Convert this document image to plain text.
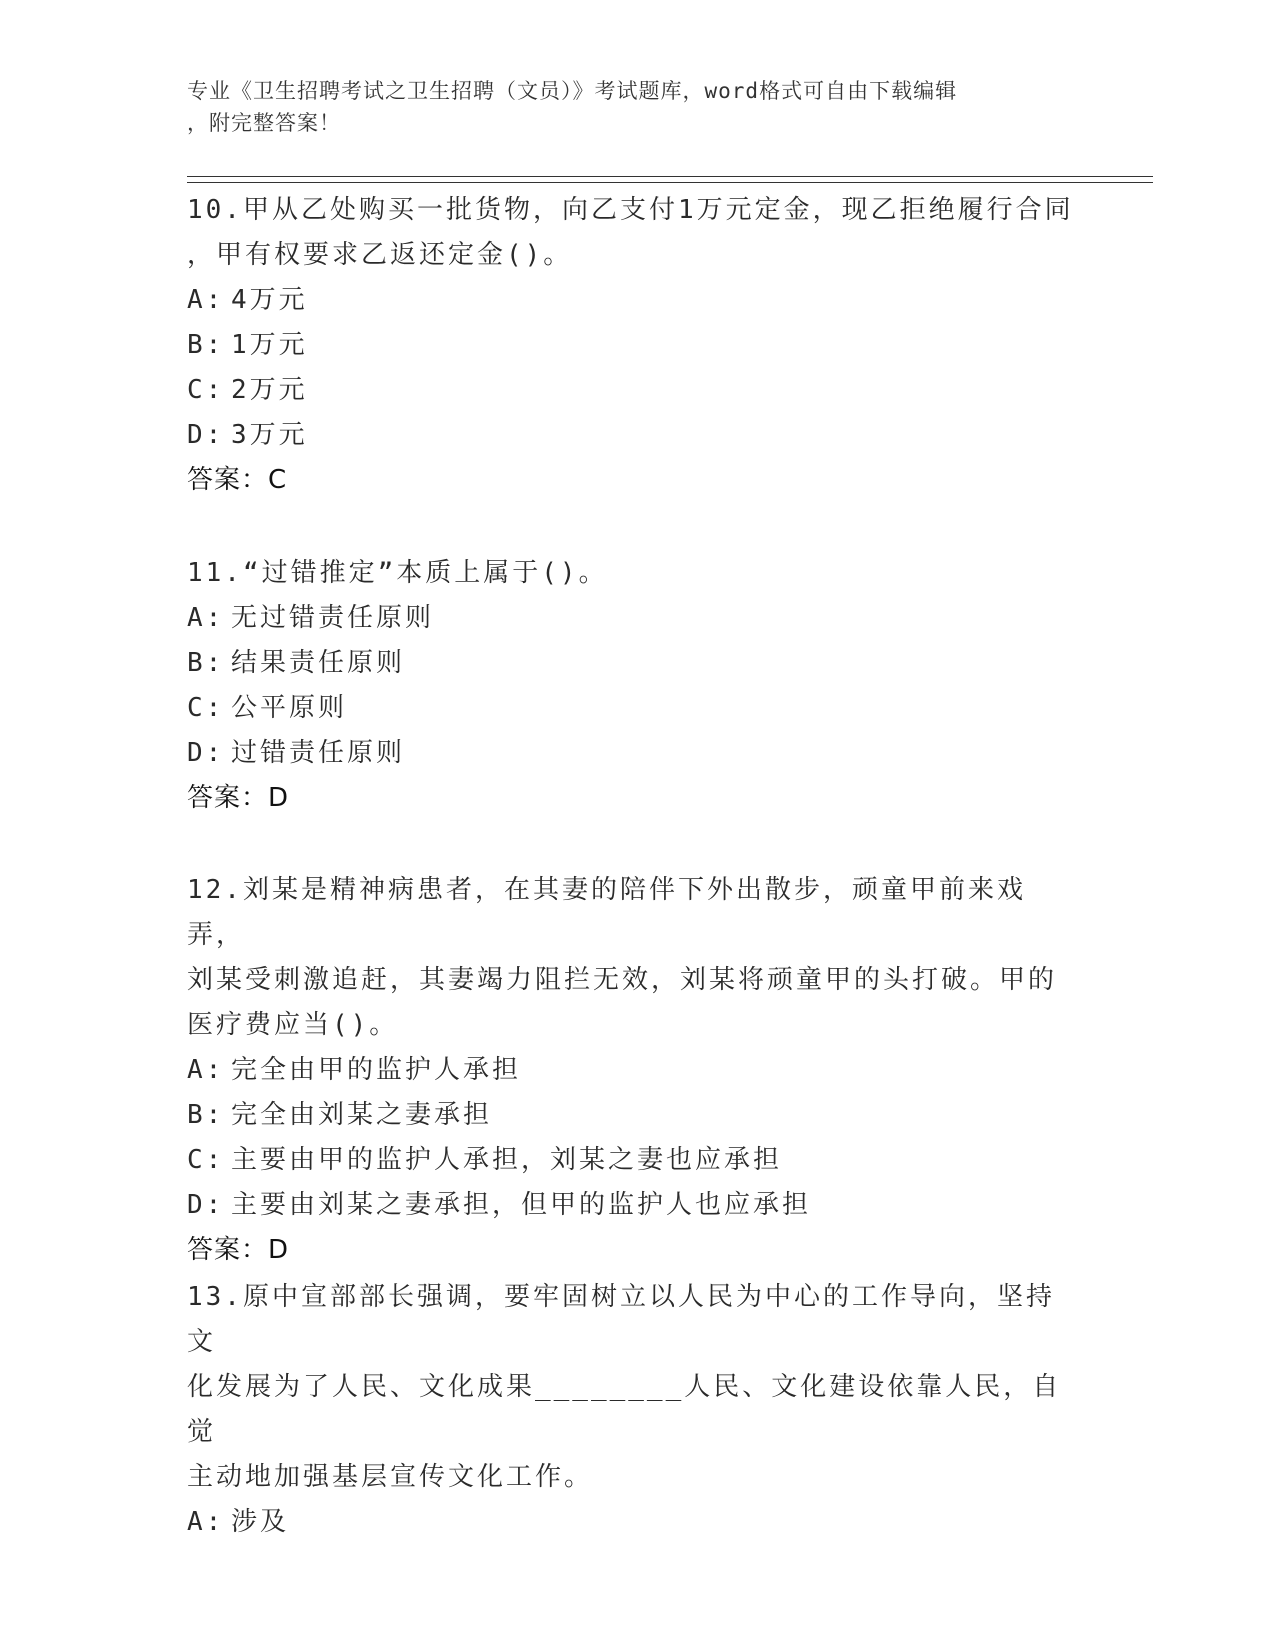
专业《卫生招聘考试之卫生招聘（文员）》考试题库，word格式可自由下载编辑
，附完整答案！
10.甲从乙处购买一批货物，向乙支付1万元定金，现乙拒绝履行合同
，甲有权要求乙返还定金()。
A: 4万元
B: 1万元
C: 2万元
D: 3万元
答案：C
11.“过错推定”本质上属于()。
A: 无过错责任原则
B: 结果责任原则
C: 公平原则
D: 过错责任原则
答案：D
12.刘某是精神病患者，在其妻的陪伴下外出散步，顽童甲前来戏弄，
刘某受刺激追赶，其妻竭力阻拦无效，刘某将顽童甲的头打破。甲的
医疗费应当()。
A: 完全由甲的监护人承担
B: 完全由刘某之妻承担
C: 主要由甲的监护人承担，刘某之妻也应承担
D: 主要由刘某之妻承担，但甲的监护人也应承担
答案：D
13.原中宣部部长强调，要牢固树立以人民为中心的工作导向，坚持文
化发展为了人民、文化成果________人民、文化建设依靠人民，自觉
主动地加强基层宣传文化工作。
A: 涉及
